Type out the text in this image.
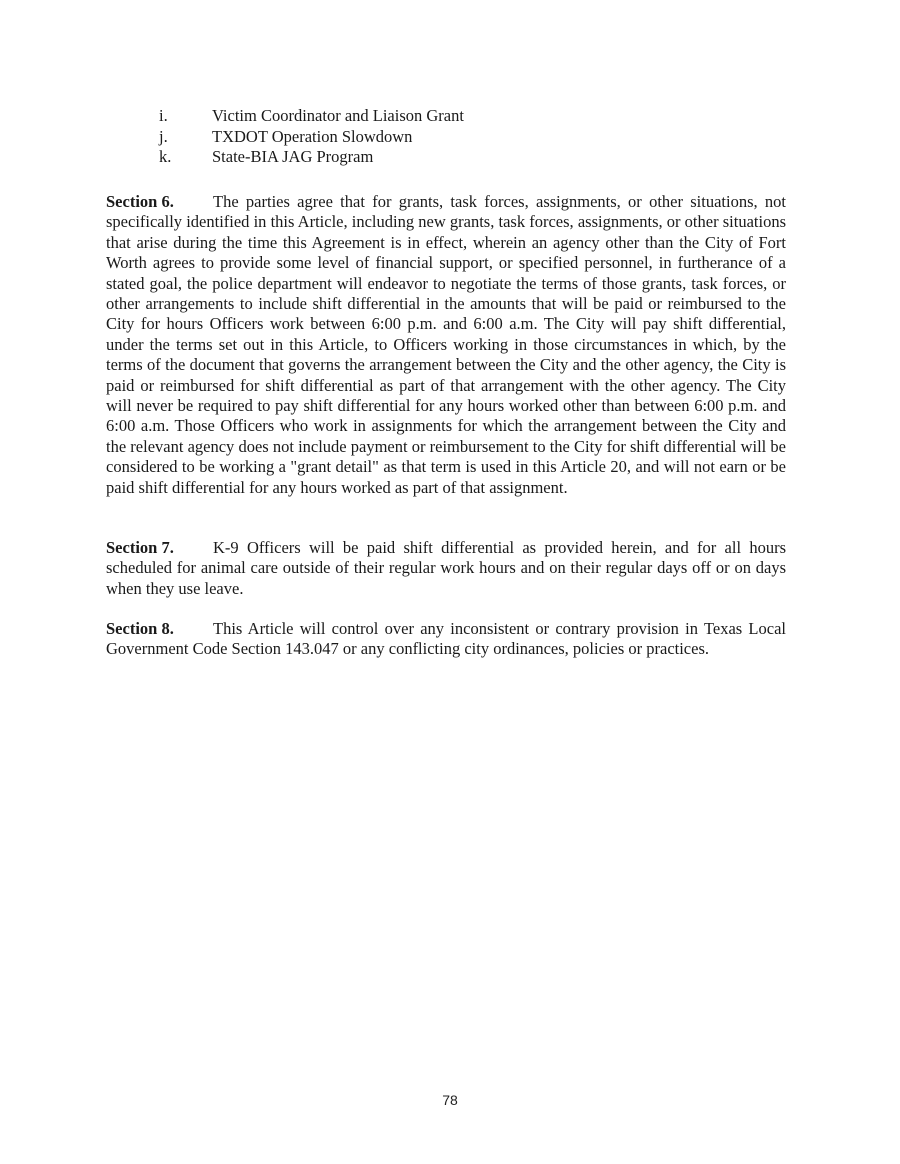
i.	Victim Coordinator and Liaison Grant
j.	TXDOT Operation Slowdown
k.	State-BIA JAG Program

Section 6. The parties agree that for grants, task forces, assignments, or other situations, not specifically identified in this Article, including new grants, task forces, assignments, or other situations that arise during the time this Agreement is in effect, wherein an agency other than the City of Fort Worth agrees to provide some level of financial support, or specified personnel, in furtherance of a stated goal, the police department will endeavor to negotiate the terms of those grants, task forces, or other arrangements to include shift differential in the amounts that will be paid or reimbursed to the City for hours Officers work between 6:00 p.m. and 6:00 a.m. The City will pay shift differential, under the terms set out in this Article, to Officers working in those circumstances in which, by the terms of the document that governs the arrangement between the City and the other agency, the City is paid or reimbursed for shift differential as part of that arrangement with the other agency. The City will never be required to pay shift differential for any hours worked other than between 6:00 p.m. and 6:00 a.m. Those Officers who work in assignments for which the arrangement between the City and the relevant agency does not include payment or reimbursement to the City for shift differential will be considered to be working a "grant detail" as that term is used in this Article 20, and will not earn or be paid shift differential for any hours worked as part of that assignment.

Section 7. K-9 Officers will be paid shift differential as provided herein, and for all hours scheduled for animal care outside of their regular work hours and on their regular days off or on days when they use leave.

Section 8. This Article will control over any inconsistent or contrary provision in Texas Local Government Code Section 143.047 or any conflicting city ordinances, policies or practices.

78
